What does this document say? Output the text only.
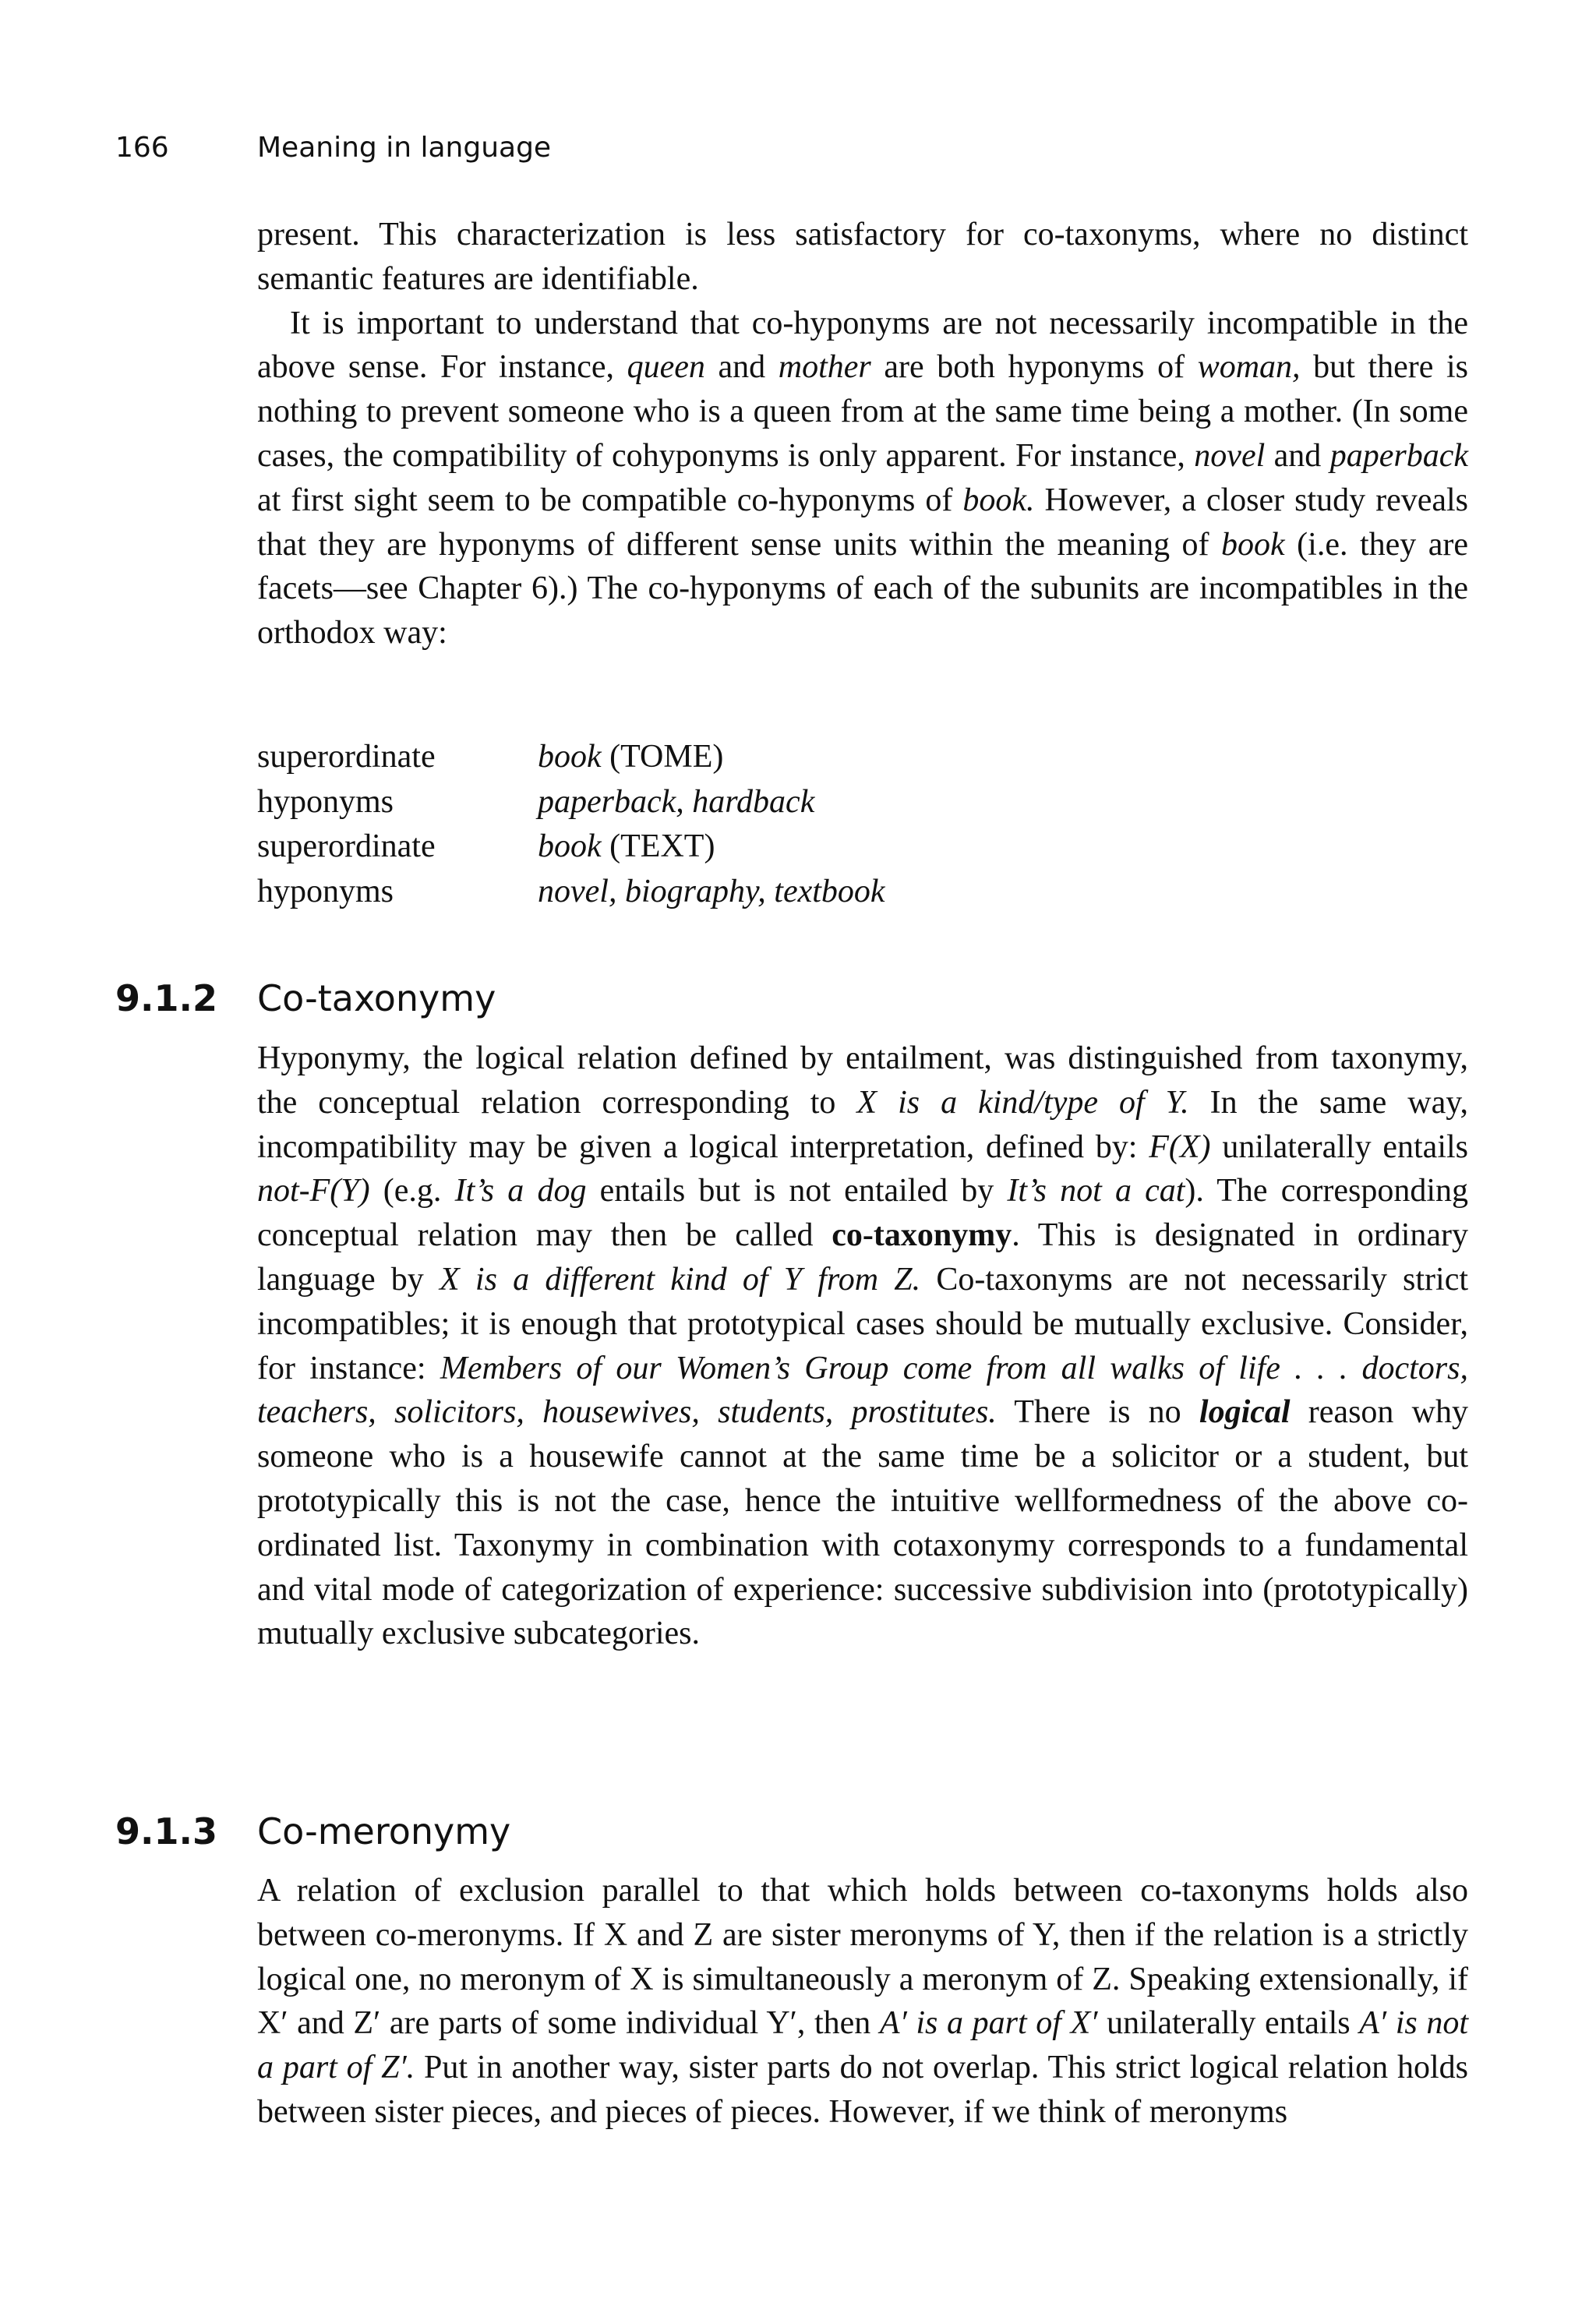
166	Meaning in language

present. This characterization is less satisfactory for co-taxonyms, where no distinct semantic features are identifiable.

It is important to understand that co-hyponyms are not necessarily incompatible in the above sense. For instance, queen and mother are both hyponyms of woman, but there is nothing to prevent someone who is a queen from at the same time being a mother. (In some cases, the compatibility of cohyponyms is only apparent. For instance, novel and paperback at first sight seem to be compatible co-hyponyms of book. However, a closer study reveals that they are hyponyms of different sense units within the meaning of book (i.e. they are facets—see Chapter 6).) The co-hyponyms of each of the subunits are incompatibles in the orthodox way:

superordinate	book (TOME)
hyponyms	paperback, hardback
superordinate	book (TEXT)
hyponyms	novel, biography, textbook
9.1.2 Co-taxonymy

Hyponymy, the logical relation defined by entailment, was distinguished from taxonymy, the conceptual relation corresponding to X is a kind/type of Y. In the same way, incompatibility may be given a logical interpretation, defined by: F(X) unilaterally entails not-F(Y) (e.g. It’s a dog entails but is not entailed by It’s not a cat). The corresponding conceptual relation may then be called co-taxonymy. This is designated in ordinary language by X is a different kind of Y from Z. Co-taxonyms are not necessarily strict incompatibles; it is enough that prototypical cases should be mutually exclusive. Consider, for instance: Members of our Women’s Group come from all walks of life . . . doctors, teachers, solicitors, housewives, students, prostitutes. There is no logical reason why someone who is a housewife cannot at the same time be a solicitor or a student, but prototypically this is not the case, hence the intuitive wellformedness of the above co-ordinated list. Taxonymy in combination with cotaxonymy corresponds to a fundamental and vital mode of categorization of experience: successive subdivision into (prototypically) mutually exclusive subcategories.

9.1.3 Co-meronymy

A relation of exclusion parallel to that which holds between co-taxonyms holds also between co-meronyms. If X and Z are sister meronyms of Y, then if the relation is a strictly logical one, no meronym of X is simultaneously a meronym of Z. Speaking extensionally, if X′ and Z′ are parts of some individual Y′, then A′ is a part of X′ unilaterally entails A′ is not a part of Z′. Put in another way, sister parts do not overlap. This strict logical relation holds between sister pieces, and pieces of pieces. However, if we think of meronyms
